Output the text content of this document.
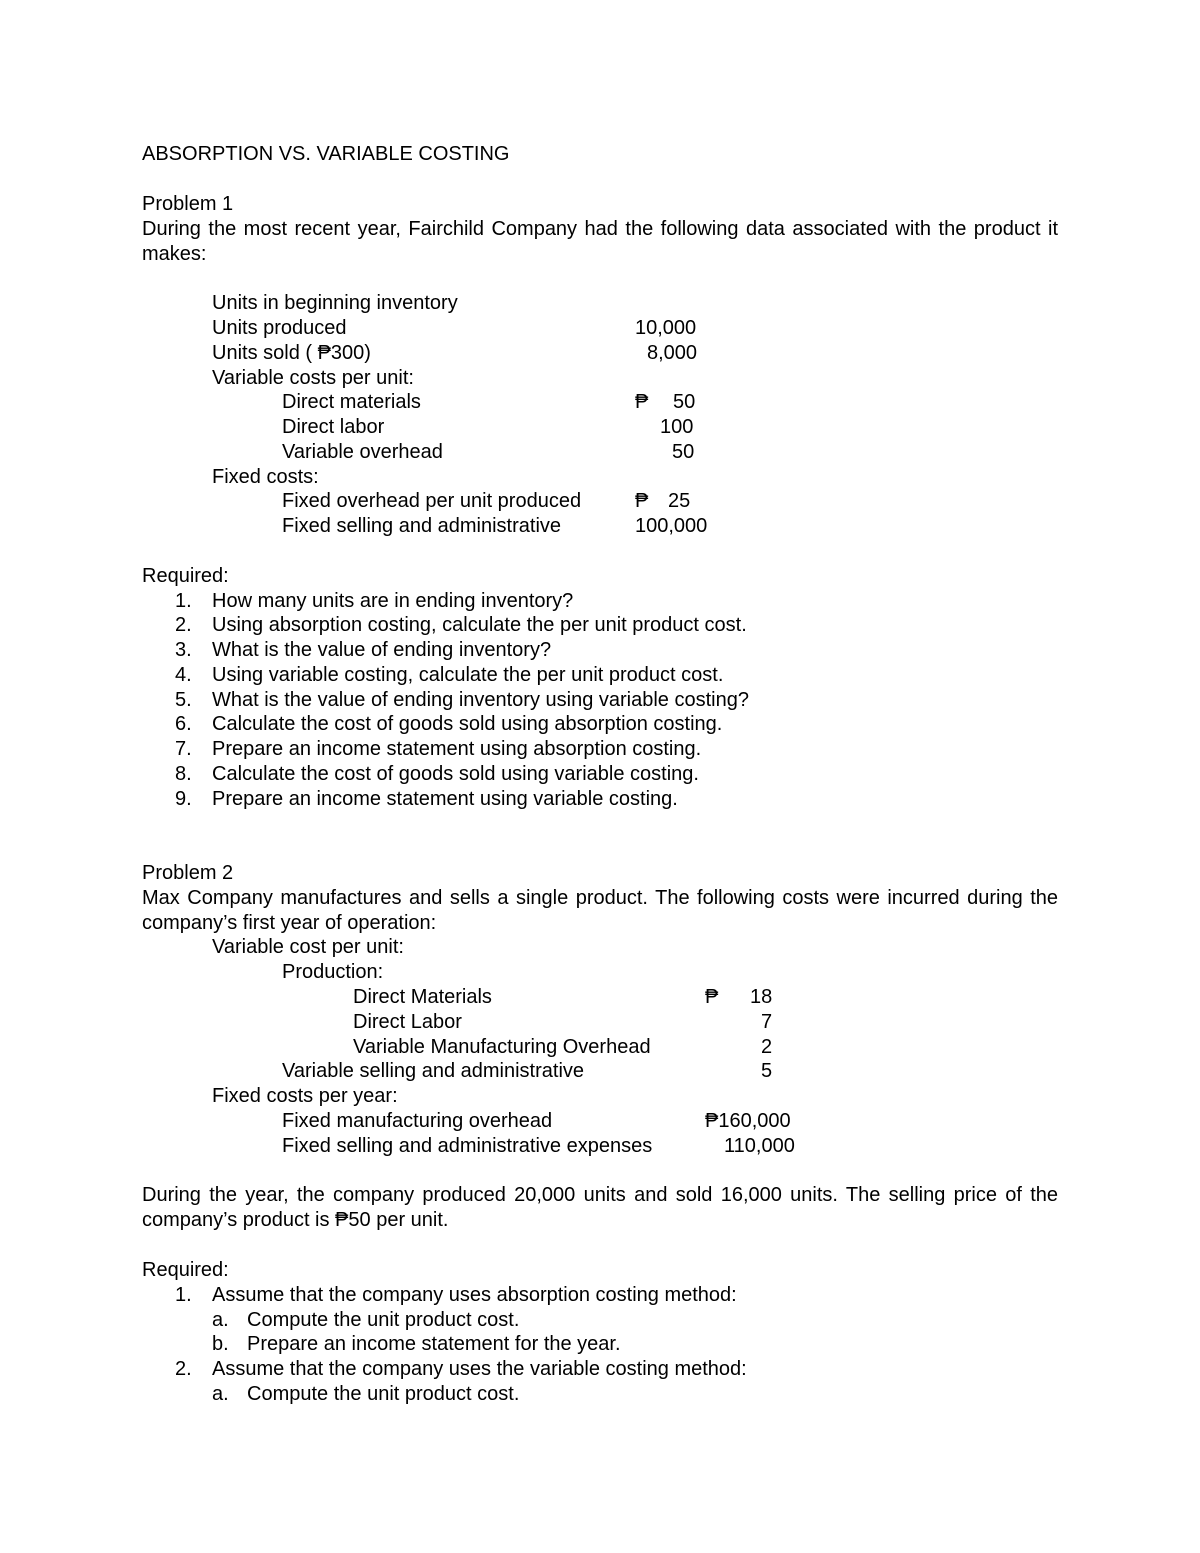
ABSORPTION VS. VARIABLE COSTING
Problem 1
During the most recent year, Fairchild Company had the following data associated with the product it makes:
Units in beginning inventory
Units produced	10,000
Units sold ( ₱300)	8,000
Variable costs per unit:
Direct materials	₱ 50
Direct labor	100
Variable overhead	50
Fixed costs:
Fixed overhead per unit produced	₱ 25
Fixed selling and administrative	100,000
Required:
1. How many units are in ending inventory?
2. Using absorption costing, calculate the per unit product cost.
3. What is the value of ending inventory?
4. Using variable costing, calculate the per unit product cost.
5. What is the value of ending inventory using variable costing?
6. Calculate the cost of goods sold using absorption costing.
7. Prepare an income statement using absorption costing.
8. Calculate the cost of goods sold using variable costing.
9. Prepare an income statement using variable costing.
Problem 2
Max Company manufactures and sells a single product. The following costs were incurred during the company’s first year of operation:
Variable cost per unit:
Production:
Direct Materials	₱ 18
Direct Labor	7
Variable Manufacturing Overhead	2
Variable selling and administrative	5
Fixed costs per year:
Fixed manufacturing overhead	₱160,000
Fixed selling and administrative expenses	110,000
During the year, the company produced 20,000 units and sold 16,000 units. The selling price of the company’s product is ₱50 per unit.
Required:
1. Assume that the company uses absorption costing method:
a. Compute the unit product cost.
b. Prepare an income statement for the year.
2. Assume that the company uses the variable costing method:
a. Compute the unit product cost.
